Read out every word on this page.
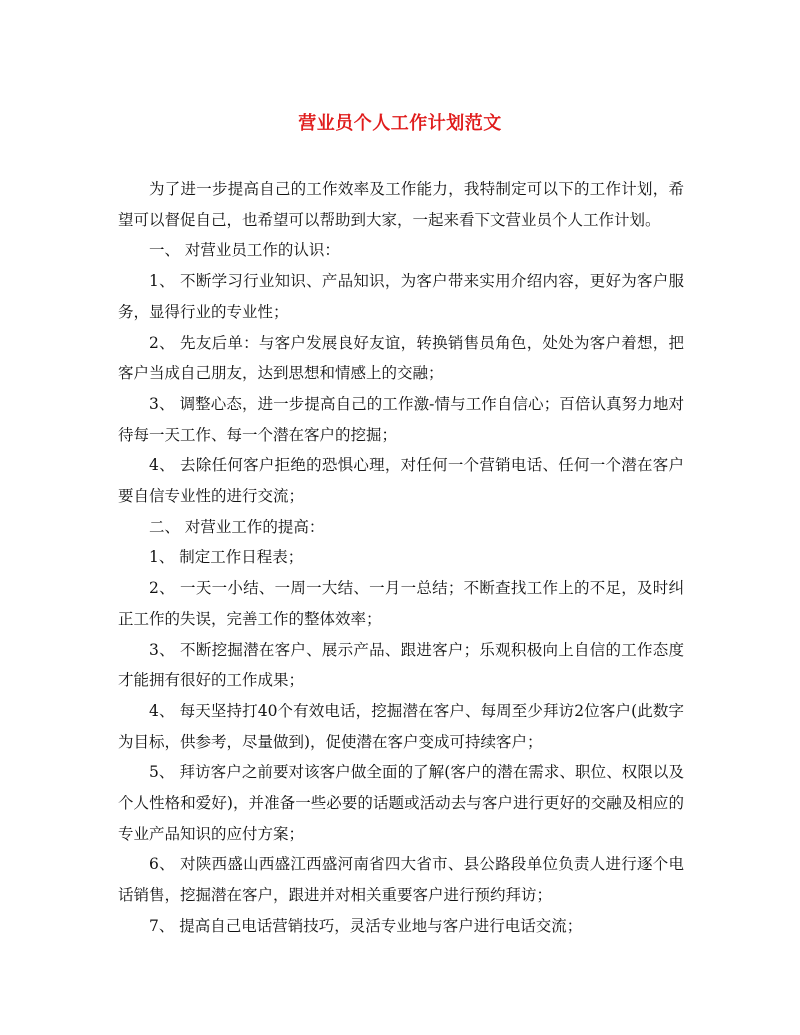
营业员个人工作计划范文

为了进一步提高自己的工作效率及工作能力，我特制定可以下的工作计划，希望可以督促自己，也希望可以帮助到大家，一起来看下文营业员个人工作计划。

一、 对营业员工作的认识：

1、 不断学习行业知识、产品知识，为客户带来实用介绍内容，更好为客户服务，显得行业的专业性；

2、 先友后单：与客户发展良好友谊，转换销售员角色，处处为客户着想，把客户当成自己朋友，达到思想和情感上的交融；

3、 调整心态，进一步提高自己的工作激-情与工作自信心；百倍认真努力地对待每一天工作、每一个潜在客户的挖掘；

4、 去除任何客户拒绝的恐惧心理，对任何一个营销电话、任何一个潜在客户要自信专业性的进行交流；

二、 对营业工作的提高：

1、 制定工作日程表；

2、 一天一小结、一周一大结、一月一总结；不断查找工作上的不足，及时纠正工作的失误，完善工作的整体效率；

3、 不断挖掘潜在客户、展示产品、跟进客户；乐观积极向上自信的工作态度才能拥有很好的工作成果；

4、 每天坚持打40个有效电话，挖掘潜在客户、每周至少拜访2位客户(此数字为目标，供参考，尽量做到)，促使潜在客户变成可持续客户；

5、 拜访客户之前要对该客户做全面的了解(客户的潜在需求、职位、权限以及个人性格和爱好)，并准备一些必要的话题或活动去与客户进行更好的交融及相应的专业产品知识的应付方案；

6、 对陕西盛山西盛江西盛河南省四大省市、县公路段单位负责人进行逐个电话销售，挖掘潜在客户，跟进并对相关重要客户进行预约拜访；

7、 提高自己电话营销技巧，灵活专业地与客户进行电话交流；
